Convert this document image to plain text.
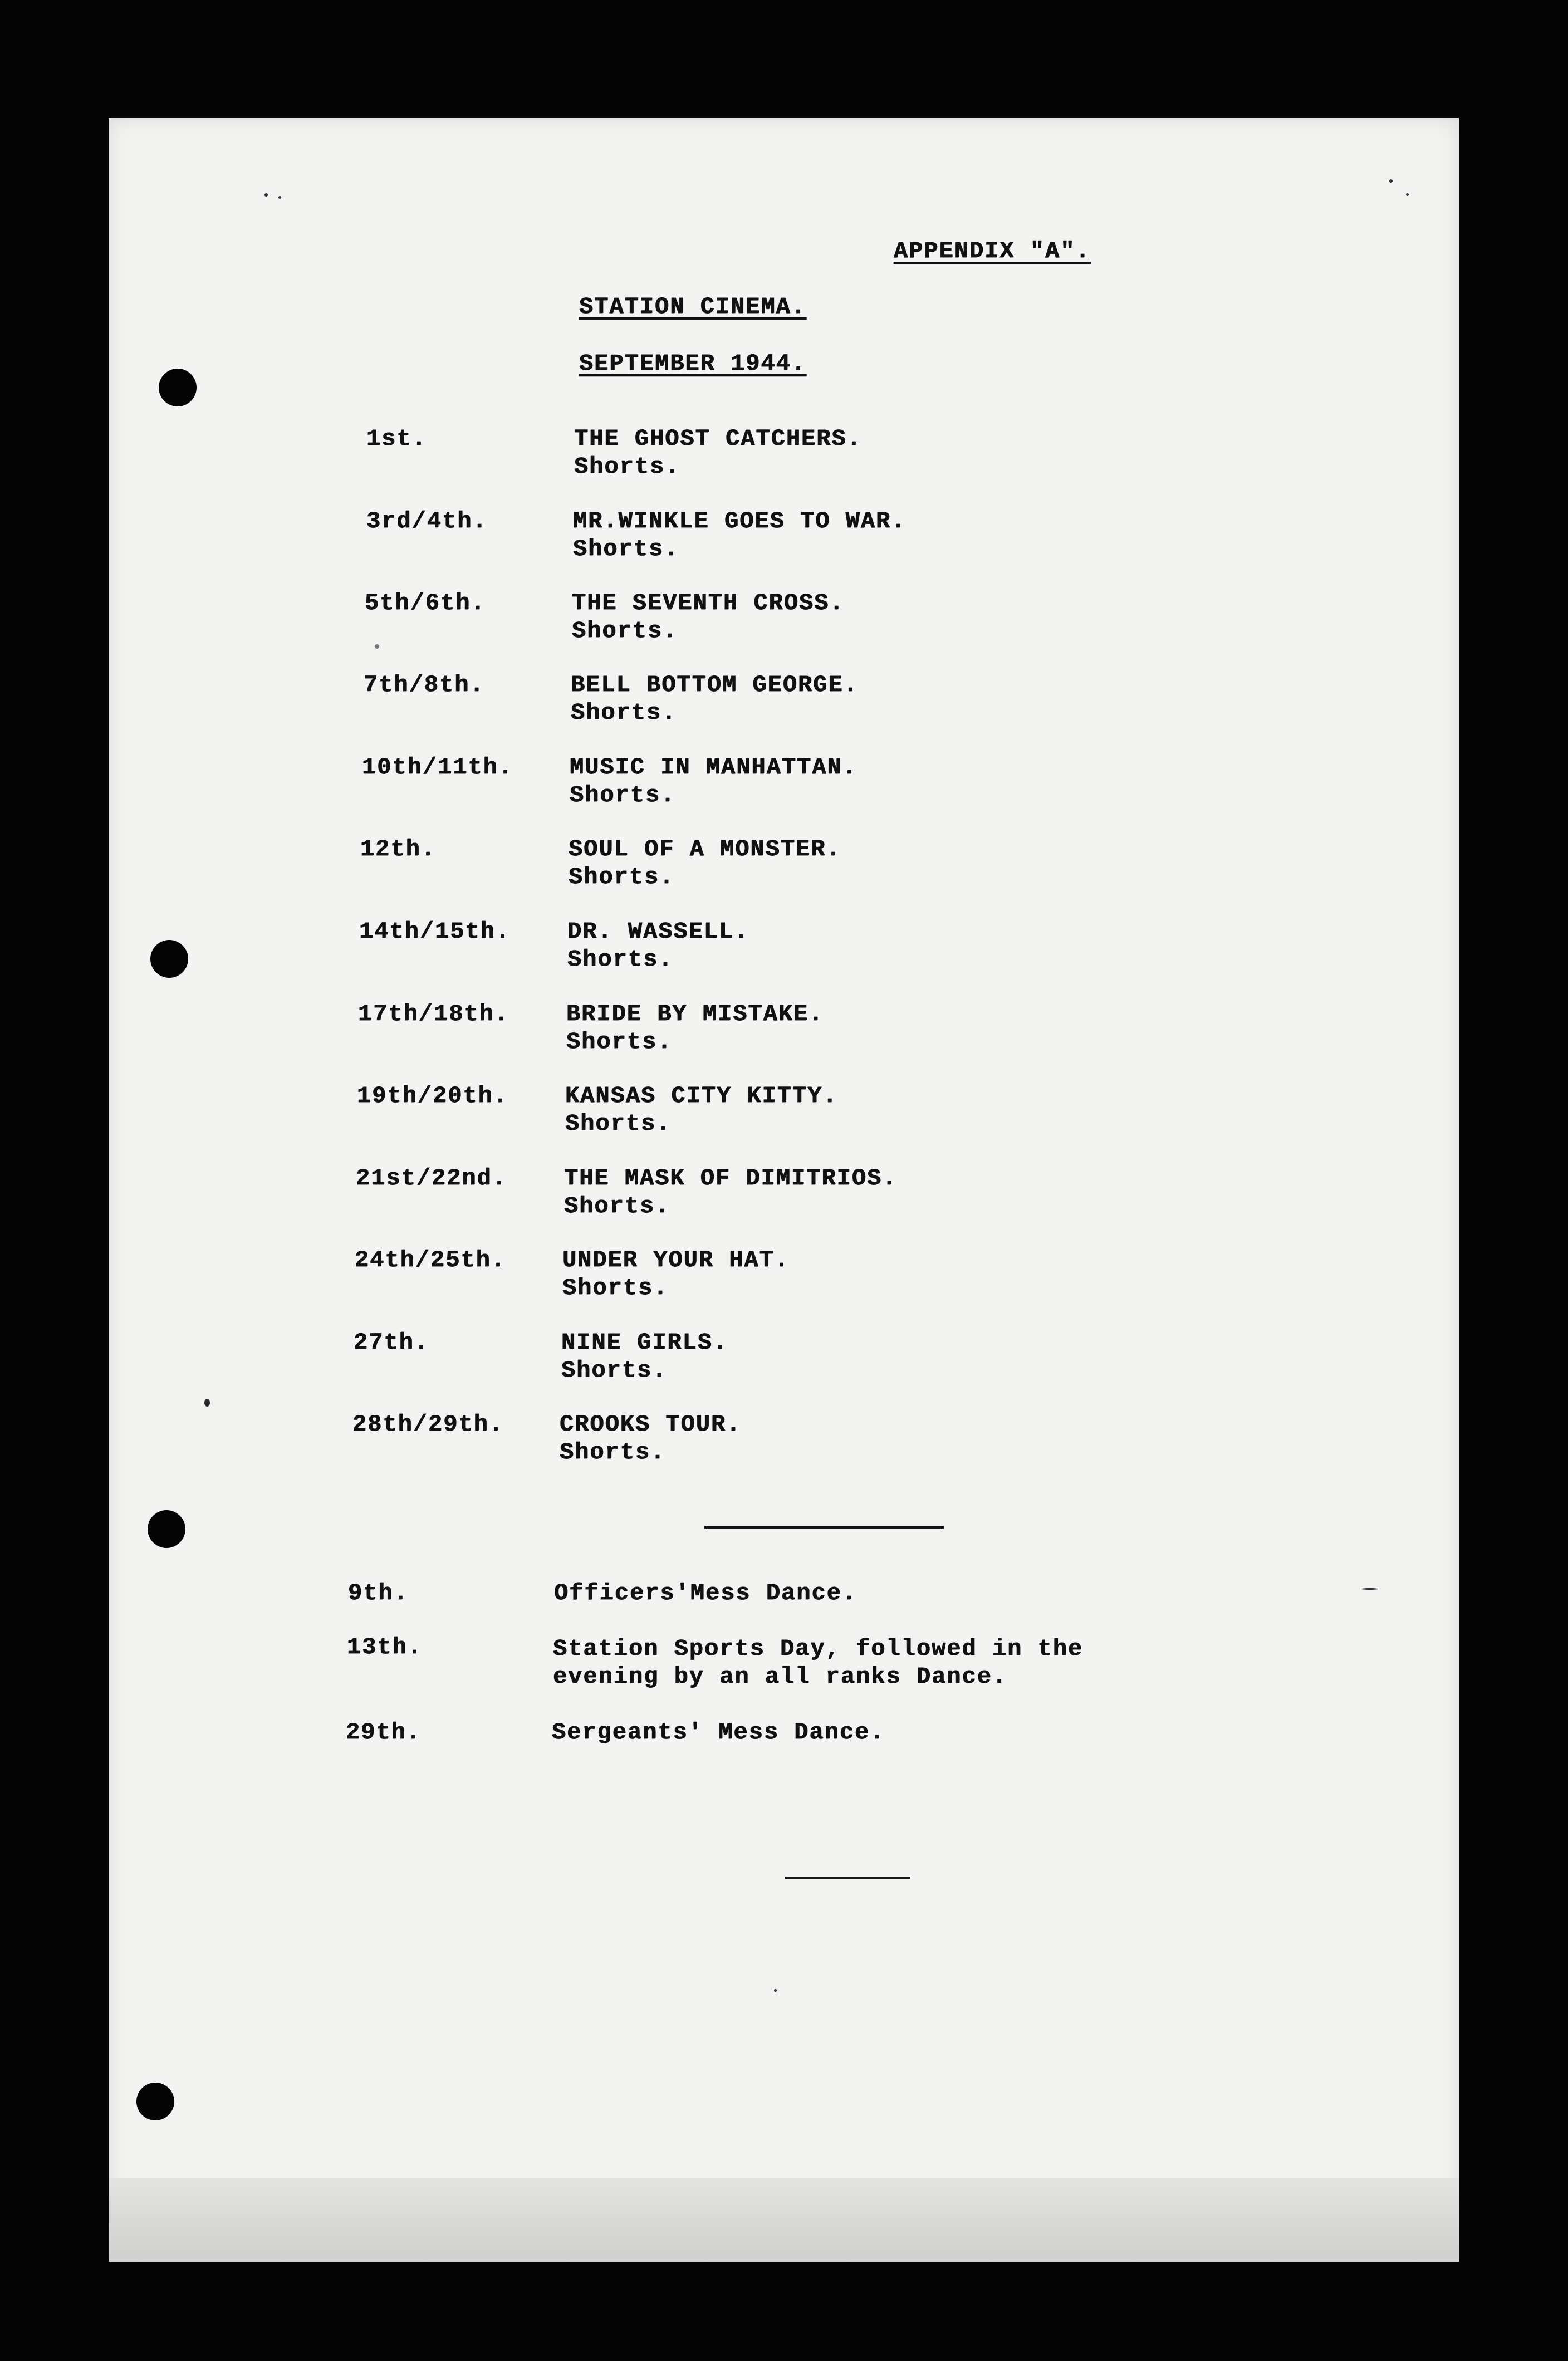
APPENDIX "A".
STATION CINEMA.
SEPTEMBER 1944.
1st.	THE GHOST CATCHERS.
Shorts.
3rd/4th.	MR.WINKLE GOES TO WAR.
Shorts.
5th/6th.	THE SEVENTH CROSS.
Shorts.
7th/8th.	BELL BOTTOM GEORGE.
Shorts.
10th/11th. MUSIC IN MANHATTAN.
Shorts.
12th.	SOUL OF A MONSTER.
Shorts.
14th/15th. DR. WASSELL.
Shorts.
17th/18th. BRIDE BY MISTAKE.
Shorts.
19th/20th. KANSAS CITY KITTY.
Shorts.
21st/22nd. THE MASK OF DIMITRIOS.
Shorts.
24th/25th. UNDER YOUR HAT.
Shorts.
27th.	NINE GIRLS.
Shorts.
28th/29th. CROOKS TOUR.
Shorts.
9th.	Officers'Mess Dance.
13th.	Station Sports Day, followed in the
evening by an all ranks Dance.
29th.	Sergeants' Mess Dance.
